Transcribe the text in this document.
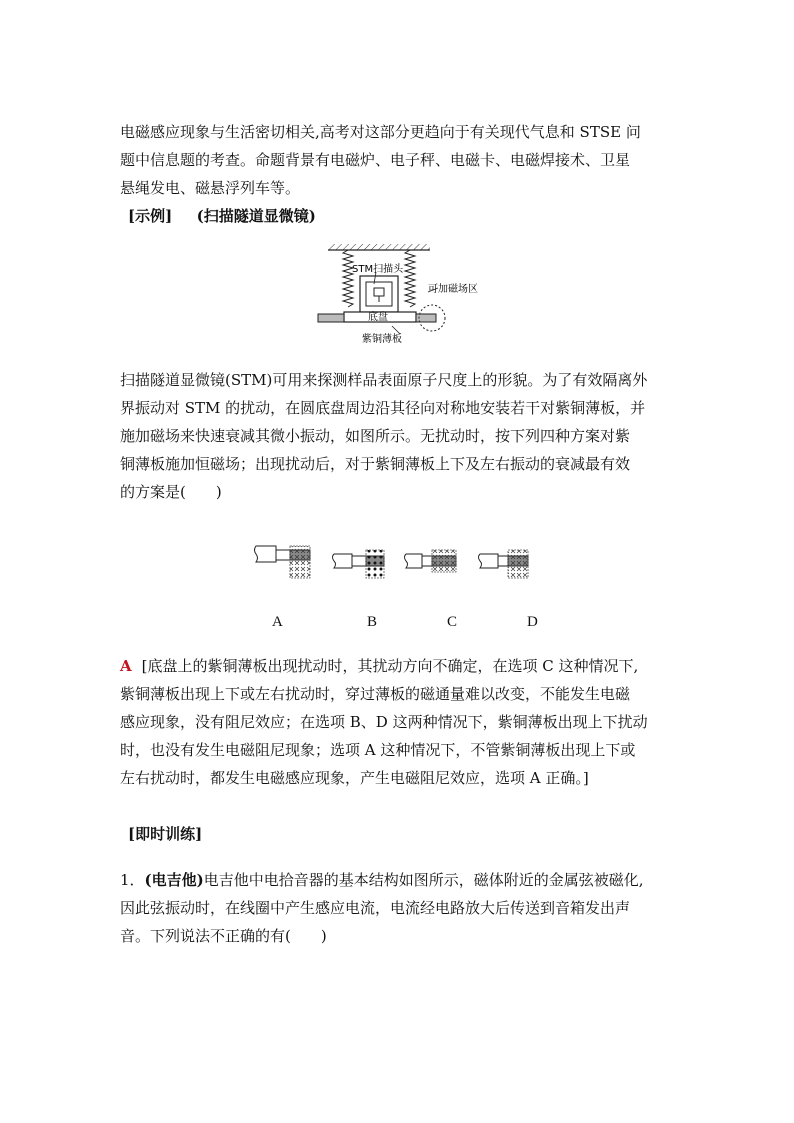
电磁感应现象与生活密切相关,高考对这部分更趋向于有关现代气息和 STSE 问
题中信息题的考查。命题背景有电磁炉、电子秤、电磁卡、电磁焊接术、卫星
悬绳发电、磁悬浮列车等。
[示例] (扫描隧道显微镜)
STM扫描头
可加磁场区
底盘
紫铜薄板
扫描隧道显微镜(STM)可用来探测样品表面原子尺度上的形貌。为了有效隔离外
界振动对 STM 的扰动，在圆底盘周边沿其径向对称地安装若干对紫铜薄板，并
施加磁场来快速衰减其微小振动，如图所示。无扰动时，按下列四种方案对紫
铜薄板施加恒磁场；出现扰动后，对于紫铜薄板上下及左右振动的衰减最有效
的方案是(　　)
A	B	C	D
A [底盘上的紫铜薄板出现扰动时，其扰动方向不确定，在选项 C 这种情况下,
紫铜薄板出现上下或左右扰动时，穿过薄板的磁通量难以改变，不能发生电磁
感应现象，没有阻尼效应；在选项 B、D 这两种情况下，紫铜薄板出现上下扰动
时，也没有发生电磁阻尼现象；选项 A 这种情况下，不管紫铜薄板出现上下或
左右扰动时，都发生电磁感应现象，产生电磁阻尼效应，选项 A 正确。]
[即时训练]
1．(电吉他)电吉他中电拾音器的基本结构如图所示，磁体附近的金属弦被磁化,
因此弦振动时，在线圈中产生感应电流，电流经电路放大后传送到音箱发出声
音。下列说法不正确的有(　　)
